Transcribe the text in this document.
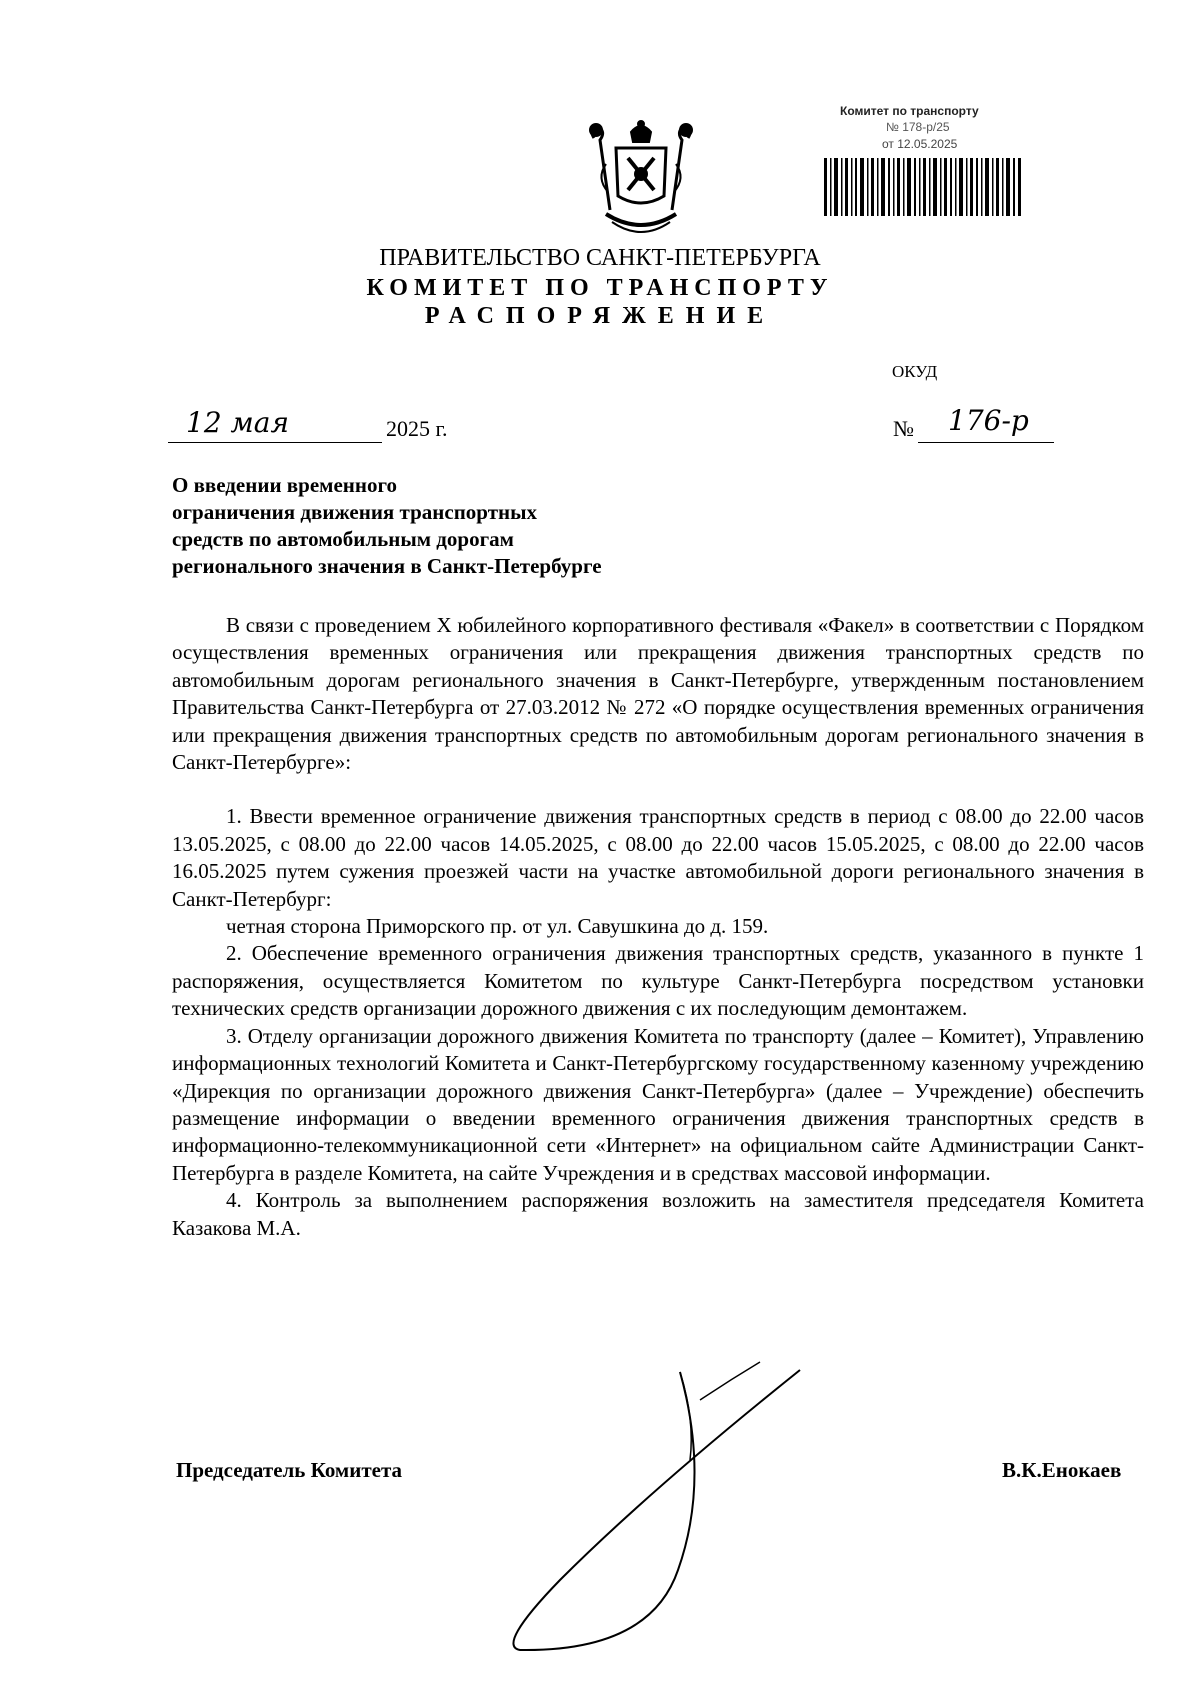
Комитет по транспорту
№ 178-р/25
от 12.05.2025
ПРАВИТЕЛЬСТВО САНКТ-ПЕТЕРБУРГА
КОМИТЕТ ПО ТРАНСПОРТУ
РАСПОРЯЖЕНИЕ
ОКУД
12 мая	2025 г.	№ 176-р
О введении временного
ограничения движения транспортных
средств по автомобильным дорогам
регионального значения в Санкт-Петербурге

В связи с проведением X юбилейного корпоративного фестиваля «Факел» в соответствии с Порядком осуществления временных ограничения или прекращения движения транспортных средств по автомобильным дорогам регионального значения в Санкт-Петербурге, утвержденным постановлением Правительства Санкт-Петербурга от 27.03.2012 № 272 «О порядке осуществления временных ограничения или прекращения движения транспортных средств по автомобильным дорогам регионального значения в Санкт-Петербурге»:

1. Ввести временное ограничение движения транспортных средств в период с 08.00 до 22.00 часов 13.05.2025, с 08.00 до 22.00 часов 14.05.2025, с 08.00 до 22.00 часов 15.05.2025, с 08.00 до 22.00 часов 16.05.2025 путем сужения проезжей части на участке автомобильной дороги регионального значения в Санкт-Петербург:

четная сторона Приморского пр. от ул. Савушкина до д. 159.

2. Обеспечение временного ограничения движения транспортных средств, указанного в пункте 1 распоряжения, осуществляется Комитетом по культуре Санкт-Петербурга посредством установки технических средств организации дорожного движения с их последующим демонтажем.

3. Отделу организации дорожного движения Комитета по транспорту (далее – Комитет), Управлению информационных технологий Комитета и Санкт-Петербургскому государственному казенному учреждению «Дирекция по организации дорожного движения Санкт-Петербурга» (далее – Учреждение) обеспечить размещение информации о введении временного ограничения движения транспортных средств в информационно-телекоммуникационной сети «Интернет» на официальном сайте Администрации Санкт-Петербурга в разделе Комитета, на сайте Учреждения и в средствах массовой информации.

4. Контроль за выполнением распоряжения возложить на заместителя председателя Комитета Казакова М.А.

Председатель Комитета	В.К.Енокаев
